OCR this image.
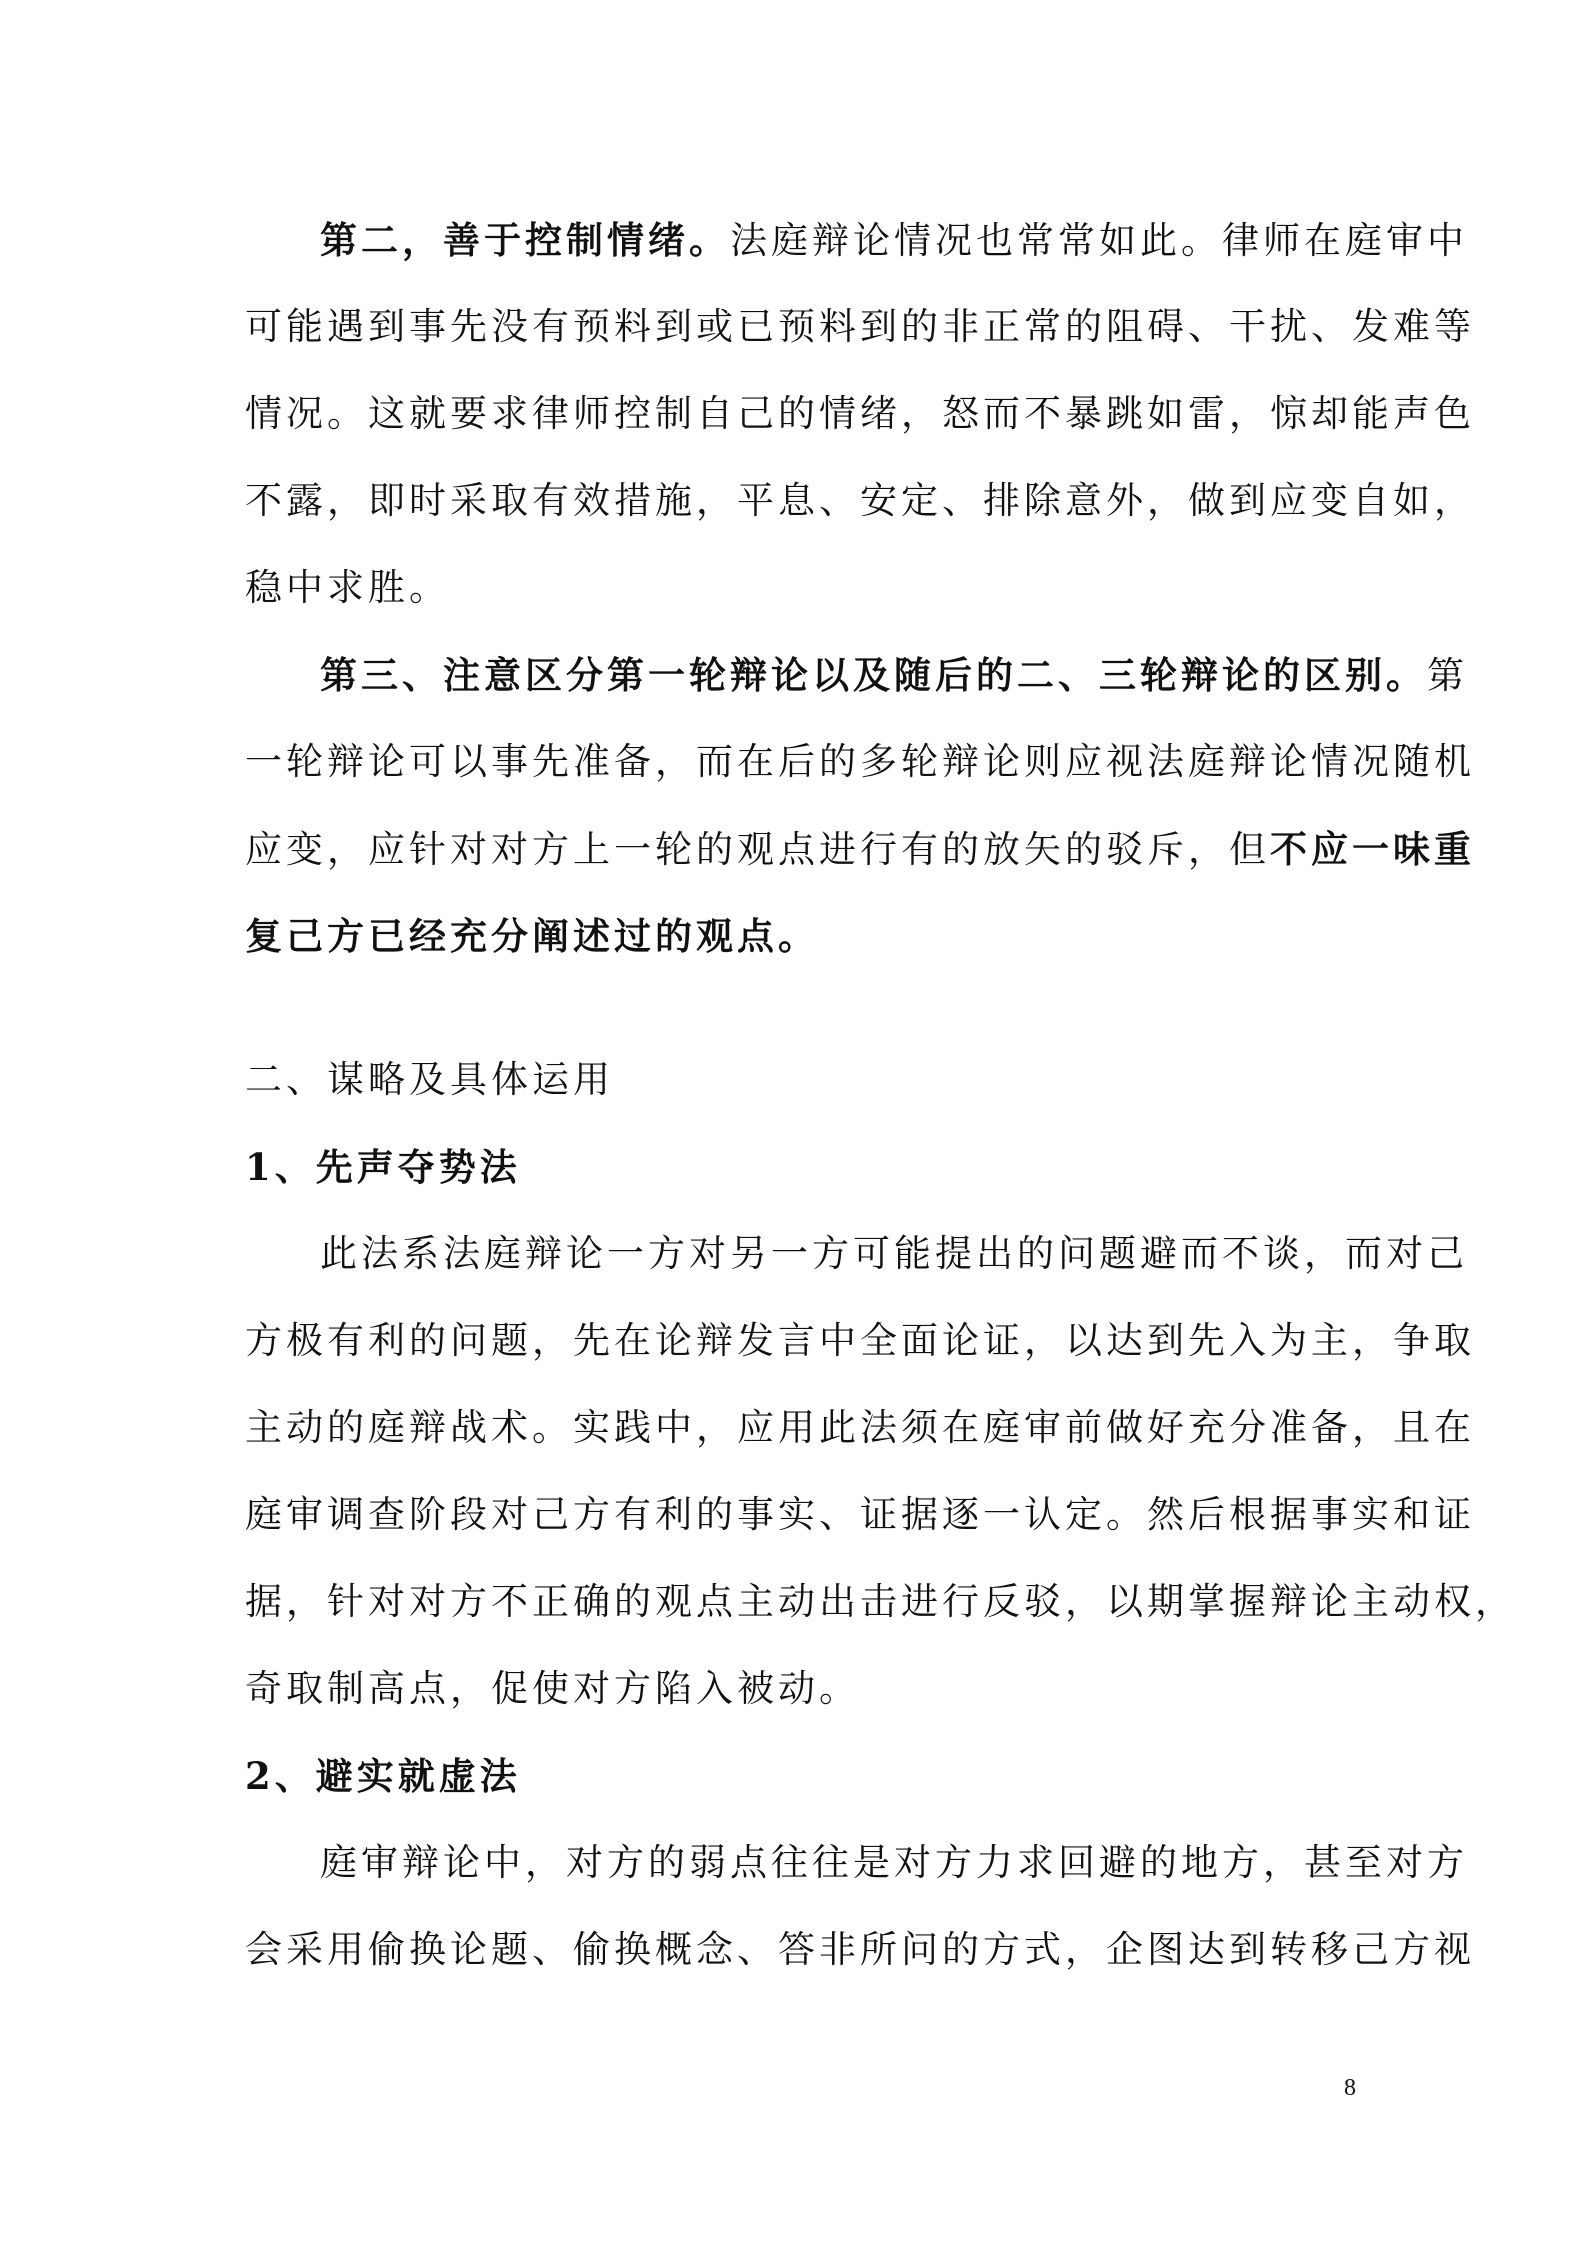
第二，善于控制情绪。法庭辩论情况也常常如此。律师在庭审中
可能遇到事先没有预料到或已预料到的非正常的阻碍、干扰、发难等
情况。这就要求律师控制自己的情绪，怒而不暴跳如雷，惊却能声色
不露，即时采取有效措施，平息、安定、排除意外，做到应变自如，
稳中求胜。
第三、注意区分第一轮辩论以及随后的二、三轮辩论的区别。第
一轮辩论可以事先准备，而在后的多轮辩论则应视法庭辩论情况随机
应变，应针对对方上一轮的观点进行有的放矢的驳斥，但不应一味重
复己方已经充分阐述过的观点。
二、谋略及具体运用
1、先声夺势法
此法系法庭辩论一方对另一方可能提出的问题避而不谈，而对己
方极有利的问题，先在论辩发言中全面论证，以达到先入为主，争取
主动的庭辩战术。实践中，应用此法须在庭审前做好充分准备，且在
庭审调查阶段对己方有利的事实、证据逐一认定。然后根据事实和证
据，针对对方不正确的观点主动出击进行反驳，以期掌握辩论主动权，
奇取制高点，促使对方陷入被动。
2、避实就虚法
庭审辩论中，对方的弱点往往是对方力求回避的地方，甚至对方
会采用偷换论题、偷换概念、答非所问的方式，企图达到转移己方视
8
